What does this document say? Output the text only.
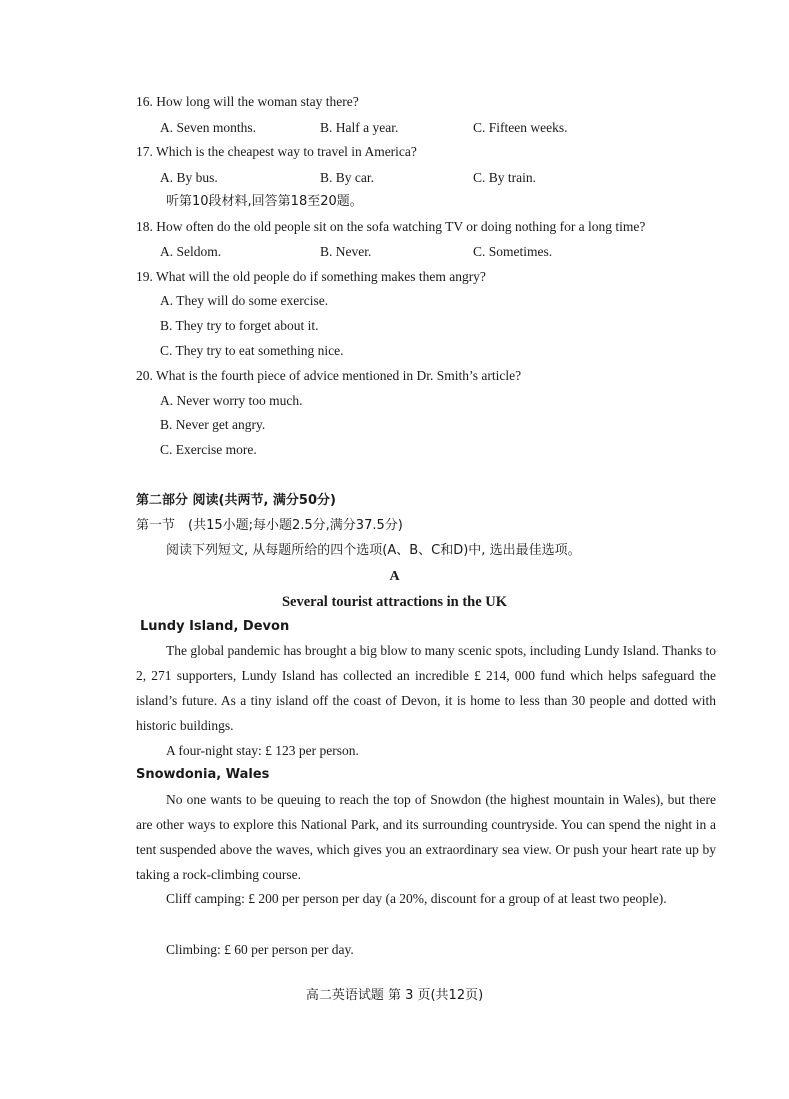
16. How long will the woman stay there?
A. Seven months.	B. Half a year.	C. Fifteen weeks.
17. Which is the cheapest way to travel in America?
A. By bus.	B. By car.	C. By train.
听第10段材料,回答第18至20题。
18. How often do the old people sit on the sofa watching TV or doing nothing for a long time?
A. Seldom.	B. Never.	C. Sometimes.
19. What will the old people do if something makes them angry?
A. They will do some exercise.
B. They try to forget about it.
C. They try to eat something nice.
20. What is the fourth piece of advice mentioned in Dr. Smith’s article?
A. Never worry too much.
B. Never get angry.
C. Exercise more.
第二部分 阅读(共两节, 满分50分)
第一节　(共15小题;每小题2.5分,满分37.5分)
阅读下列短文, 从每题所给的四个选项(A、B、C和D)中, 选出最佳选项。
A
Several tourist attractions in the UK
Lundy Island, Devon
The global pandemic has brought a big blow to many scenic spots, including Lundy Island. Thanks to 2, 271 supporters, Lundy Island has collected an incredible £ 214, 000 fund which helps safeguard the island’s future. As a tiny island off the coast of Devon, it is home to less than 30 people and dotted with historic buildings.
A four-night stay: £ 123 per person.
Snowdonia, Wales
No one wants to be queuing to reach the top of Snowdon (the highest mountain in Wales), but there are other ways to explore this National Park, and its surrounding countryside. You can spend the night in a tent suspended above the waves, which gives you an extraordinary sea view. Or push your heart rate up by taking a rock-climbing course.
Cliff camping: £ 200 per person per day (a 20%, discount for a group of at least two people).
Climbing: £ 60 per person per day.
高二英语试题 第 3 页(共12页)
